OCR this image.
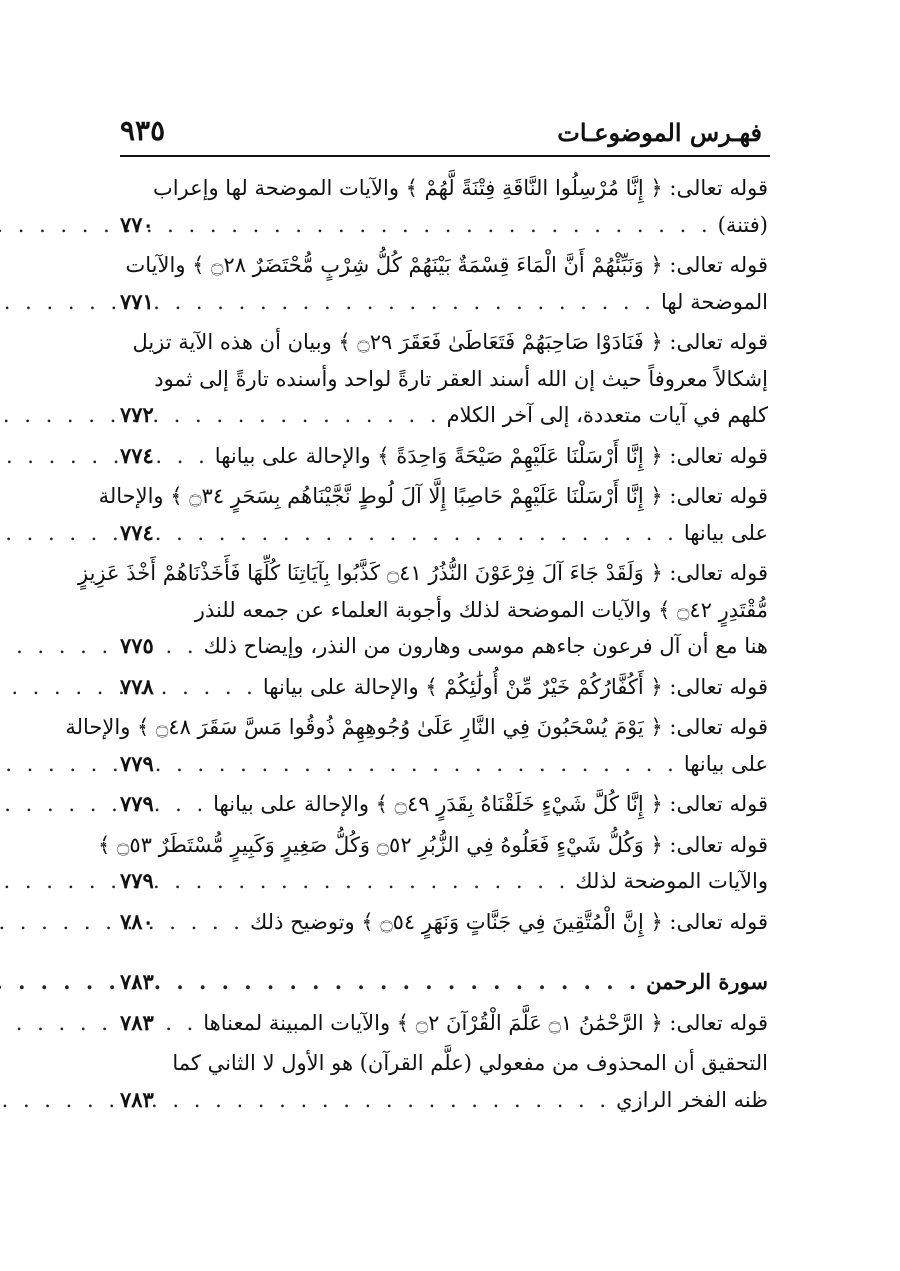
فهـرس الموضوعـات
٩٣٥
قوله تعالى: ﴿ إِنَّا مُرْسِلُوا النَّاقَةِ فِتْنَةً لَّهُمْ ﴾ والآيات الموضحة لها وإعراب
(فتنة)
. . .
٧٧٠
قوله تعالى: ﴿ وَنَبِّئْهُمْ أَنَّ الْمَاءَ قِسْمَةٌ بَيْنَهُمْ كُلُّ شِرْبٍ مُّحْتَضَرٌ ۝٢٨ ﴾ والآيات
الموضحة لها
. . .
٧٧١
قوله تعالى: ﴿ فَنَادَوْا صَاحِبَهُمْ فَتَعَاطَىٰ فَعَقَرَ ۝٢٩ ﴾ وبيان أن هذه الآية تزيل
إشكالاً معروفاً حيث إن الله أسند العقر تارةً لواحد وأسنده تارةً إلى ثمود
كلهم في آيات متعددة، إلى آخر الكلام
. . .
٧٧٢
قوله تعالى: ﴿ إِنَّا أَرْسَلْنَا عَلَيْهِمْ صَيْحَةً وَاحِدَةً ﴾ والإحالة على بيانها
. . .
٧٧٤
قوله تعالى: ﴿ إِنَّا أَرْسَلْنَا عَلَيْهِمْ حَاصِبًا إِلَّا آلَ لُوطٍ نَّجَّيْنَاهُم بِسَحَرٍ ۝٣٤ ﴾ والإحالة
على بيانها
. . .
٧٧٤
قوله تعالى: ﴿ وَلَقَدْ جَاءَ آلَ فِرْعَوْنَ النُّذُرُ ۝٤١ كَذَّبُوا بِآيَاتِنَا كُلِّهَا فَأَخَذْنَاهُمْ أَخْذَ عَزِيزٍ
مُّقْتَدِرٍ ۝٤٢ ﴾ والآيات الموضحة لذلك وأجوبة العلماء عن جمعه للنذر
هنا مع أن آل فرعون جاءهم موسى وهارون من النذر، وإيضاح ذلك
. . .
٧٧٥
قوله تعالى: ﴿ أَكُفَّارُكُمْ خَيْرٌ مِّنْ أُولَٰئِكُمْ ﴾ والإحالة على بيانها
. . .
٧٧٨
قوله تعالى: ﴿ يَوْمَ يُسْحَبُونَ فِي النَّارِ عَلَىٰ وُجُوهِهِمْ ذُوقُوا مَسَّ سَقَرَ ۝٤٨ ﴾ والإحالة
على بيانها
. . .
٧٧٩
قوله تعالى: ﴿ إِنَّا كُلَّ شَيْءٍ خَلَقْنَاهُ بِقَدَرٍ ۝٤٩ ﴾ والإحالة على بيانها
. . .
٧٧٩
قوله تعالى: ﴿ وَكُلُّ شَيْءٍ فَعَلُوهُ فِي الزُّبُرِ ۝٥٢ وَكُلُّ صَغِيرٍ وَكَبِيرٍ مُّسْتَطَرٌ ۝٥٣ ﴾
والآيات الموضحة لذلك
. . .
٧٧٩
قوله تعالى: ﴿ إِنَّ الْمُتَّقِينَ فِي جَنَّاتٍ وَنَهَرٍ ۝٥٤ ﴾ وتوضيح ذلك
. . .
٧٨٠
سورة الرحمن
. . .
٧٨٣
قوله تعالى: ﴿ الرَّحْمَٰنُ ۝١ عَلَّمَ الْقُرْآنَ ۝٢ ﴾ والآيات المبينة لمعناها
. . .
٧٨٣
التحقيق أن المحذوف من مفعولي (علَّم القرآن) هو الأول لا الثاني كما
ظنه الفخر الرازي
. . .
٧٨٣
